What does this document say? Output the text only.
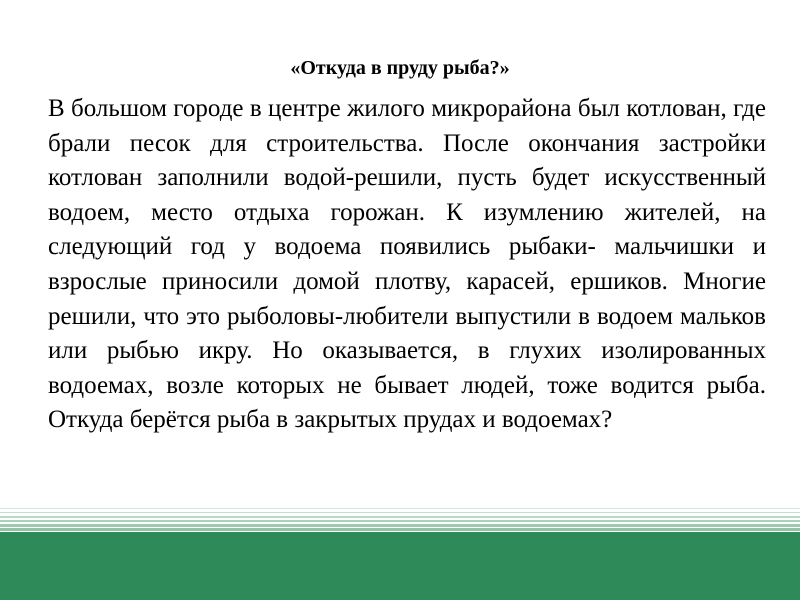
«Откуда в пруду рыба?»

В большом городе в центре жилого микрорайона был котлован, где брали песок для строительства. После окончания застройки котлован заполнили водой-решили, пусть будет искусственный водоем, место отдыха горожан. К изумлению жителей, на следующий год у водоема появились рыбаки- мальчишки и взрослые приносили домой плотву, карасей, ершиков. Многие решили, что это рыболовы-любители выпустили в водоем мальков или рыбью икру. Но оказывается, в глухих изолированных водоемах, возле которых не бывает людей, тоже водится рыба. Откуда берётся рыба в закрытых прудах и водоемах?
